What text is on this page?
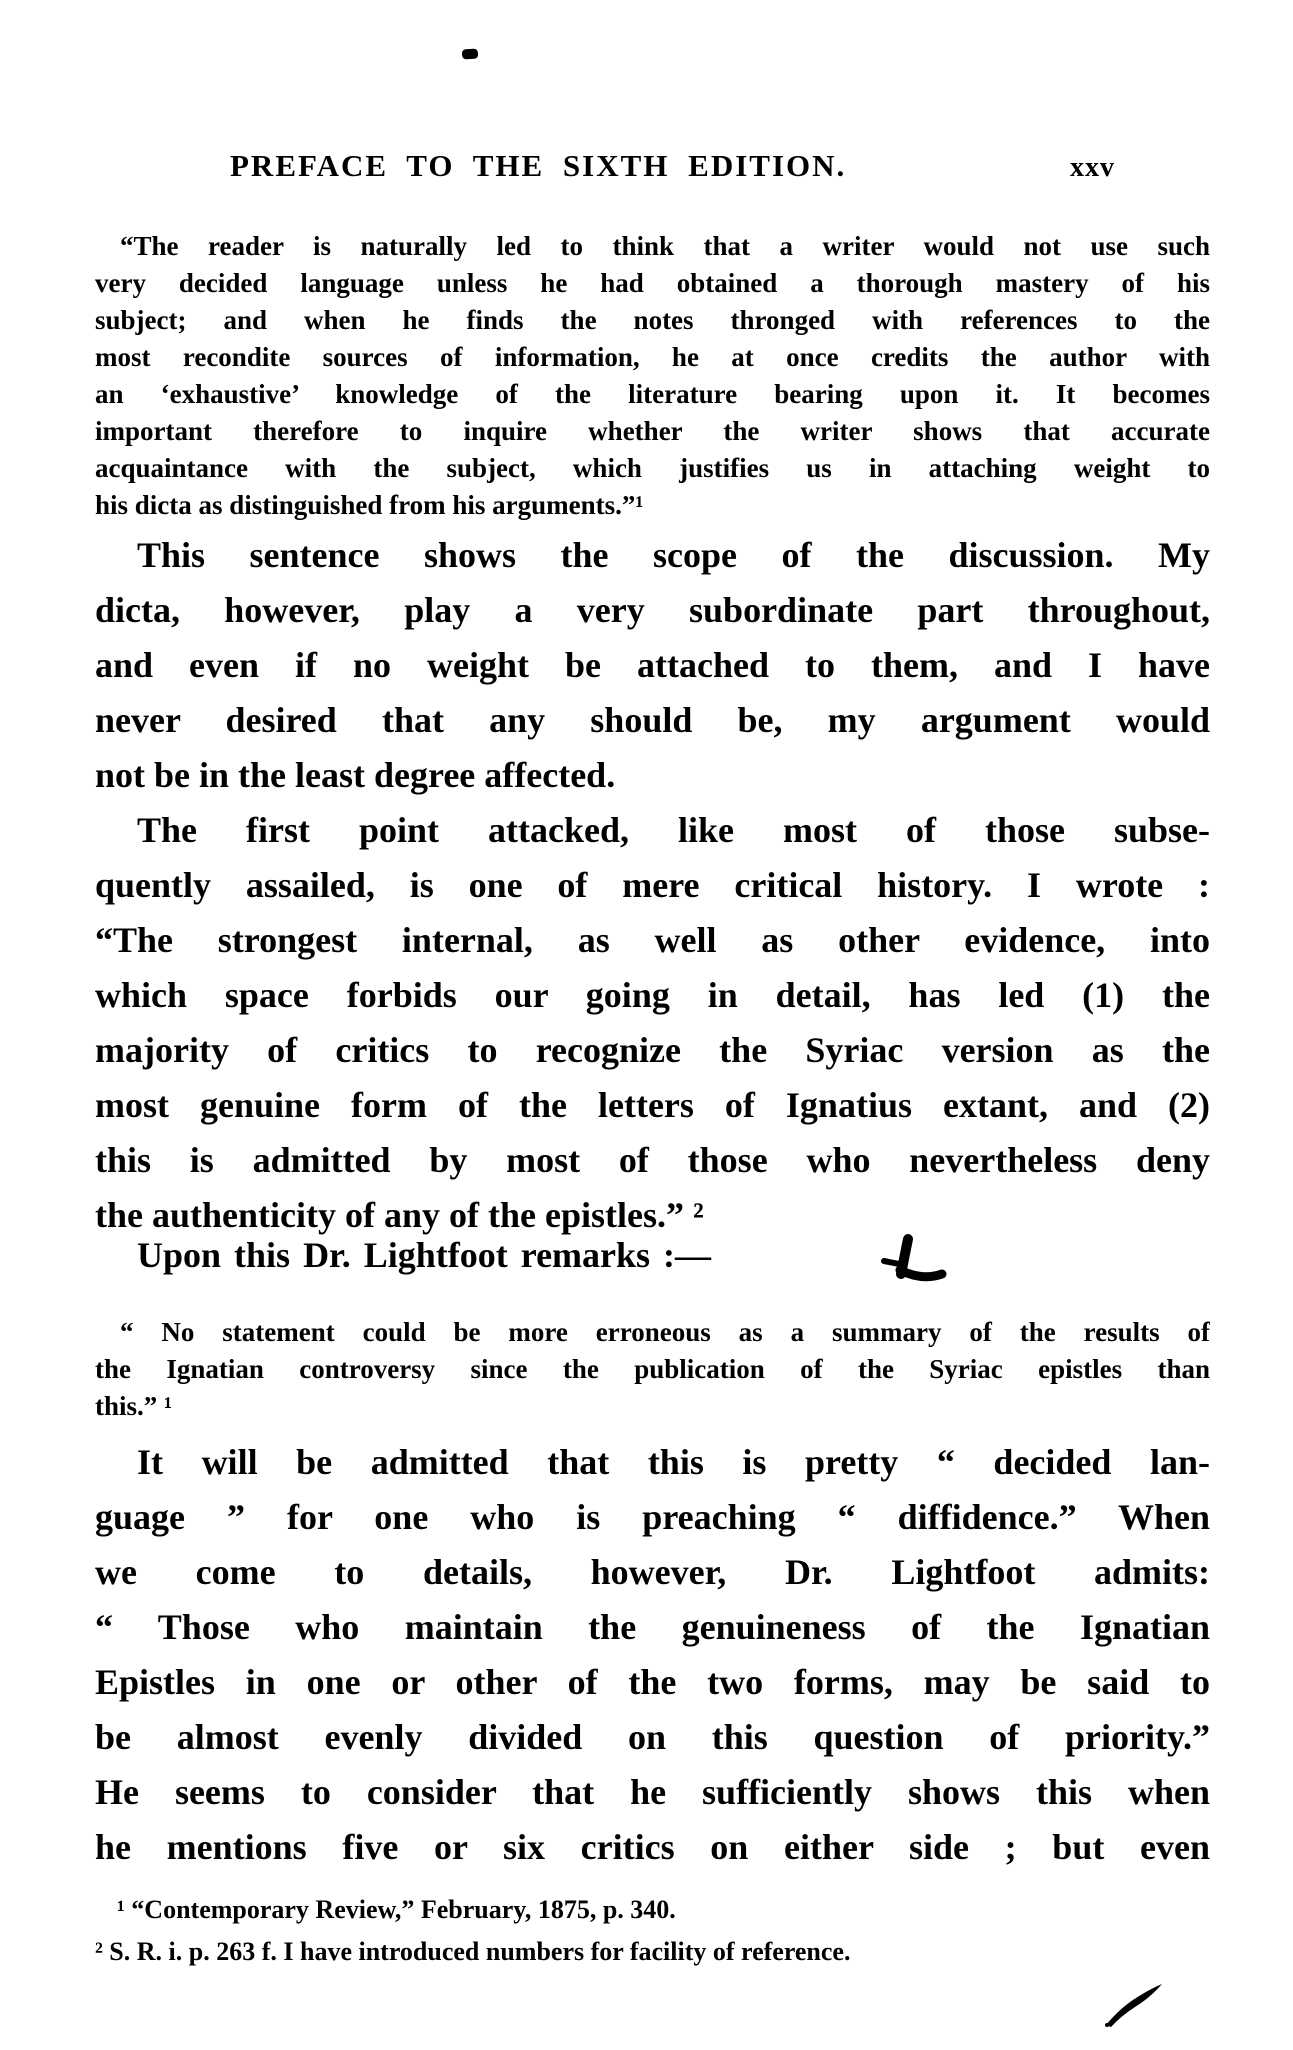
PREFACE TO THE SIXTH EDITION.	xxv
“The reader is naturally led to think that a writer would not use such
very decided language unless he had obtained a thorough mastery of his
subject; and when he finds the notes thronged with references to the
most recondite sources of information, he at once credits the author with
an ‘exhaustive’ knowledge of the literature bearing upon it. It becomes
important therefore to inquire whether the writer shows that accurate
acquaintance with the subject, which justifies us in attaching weight to
his dicta as distinguished from his arguments.”¹
This sentence shows the scope of the discussion. My
dicta, however, play a very subordinate part throughout,
and even if no weight be attached to them, and I have
never desired that any should be, my argument would
not be in the least degree affected.
The first point attacked, like most of those subse-
quently assailed, is one of mere critical history. I wrote :
“The strongest internal, as well as other evidence, into
which space forbids our going in detail, has led (1) the
majority of critics to recognize the Syriac version as the
most genuine form of the letters of Ignatius extant, and (2)
this is admitted by most of those who nevertheless deny
the authenticity of any of the epistles.” ²
Upon this Dr. Lightfoot remarks :—
“ No statement could be more erroneous as a summary of the results of
the Ignatian controversy since the publication of the Syriac epistles than
this.” ¹
It will be admitted that this is pretty “ decided lan-
guage ” for one who is preaching “ diffidence.” When
we come to details, however, Dr. Lightfoot admits:
“ Those who maintain the genuineness of the Ignatian
Epistles in one or other of the two forms, may be said to
be almost evenly divided on this question of priority.”
He seems to consider that he sufficiently shows this when
he mentions five or six critics on either side ; but even
¹ “Contemporary Review,” February, 1875, p. 340.
² S. R. i. p. 263 f. I have introduced numbers for facility of reference.
